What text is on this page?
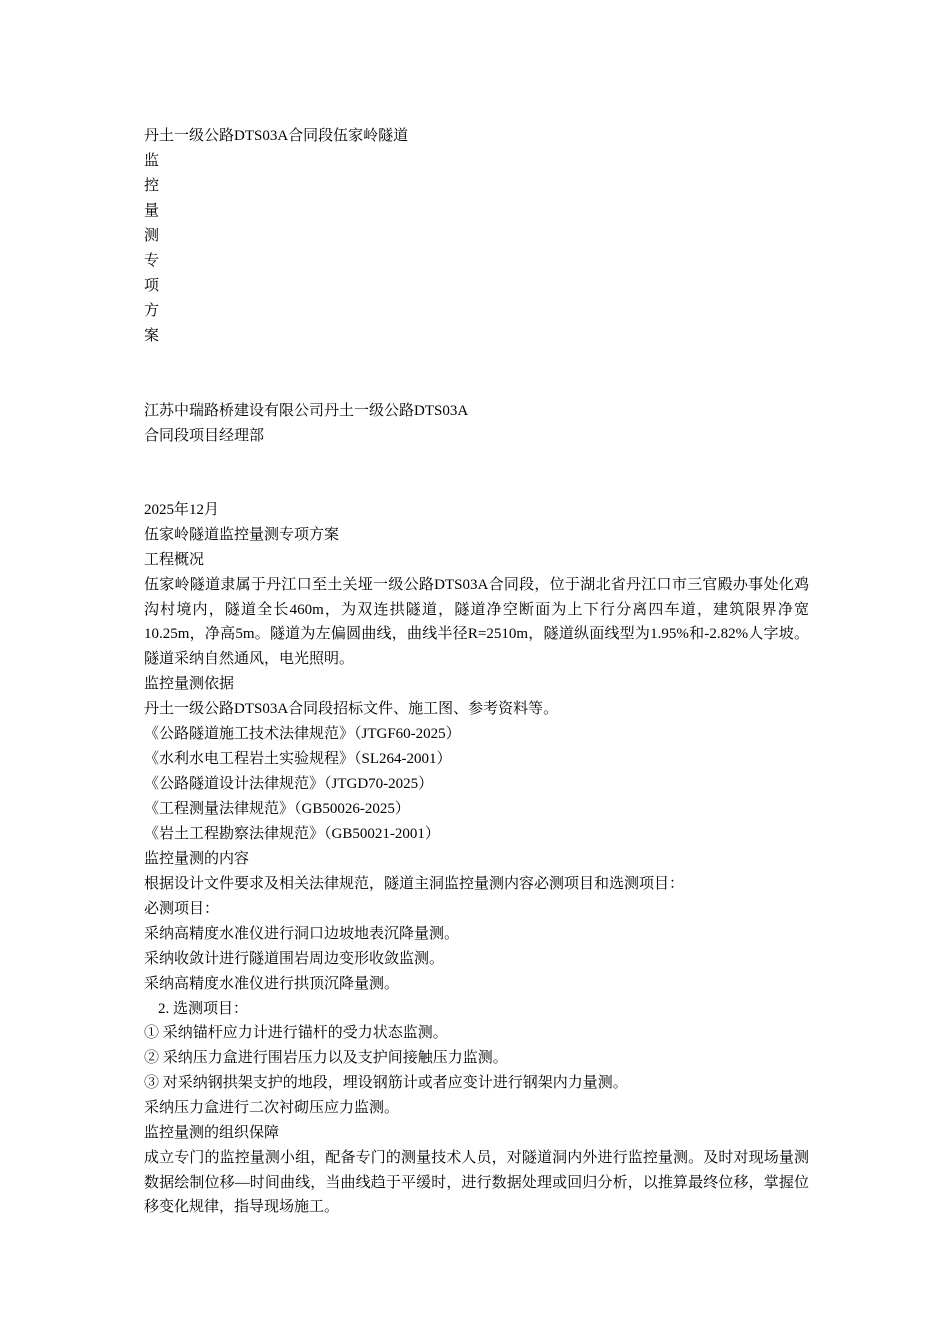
丹土一级公路DTS03A合同段伍家岭隧道
监
控
量
测
专
项
方
案
江苏中瑞路桥建设有限公司丹土一级公路DTS03A
合同段项目经理部
2025年12月
伍家岭隧道监控量测专项方案
工程概况
伍家岭隧道隶属于丹江口至土关垭一级公路DTS03A合同段，位于湖北省丹江口市三官殿办事处化鸡沟村境内，隧道全长460m，为双连拱隧道，隧道净空断面为上下行分离四车道，建筑限界净宽10.25m，净高5m。隧道为左偏圆曲线，曲线半径R=2510m，隧道纵面线型为1.95%和-2.82%人字坡。隧道采纳自然通风，电光照明。
监控量测依据
丹土一级公路DTS03A合同段招标文件、施工图、参考资料等。
《公路隧道施工技术法律规范》（JTGF60-2025）
《水利水电工程岩土实验规程》（SL264-2001）
《公路隧道设计法律规范》（JTGD70-2025）
《工程测量法律规范》（GB50026-2025）
《岩土工程勘察法律规范》（GB50021-2001）
监控量测的内容
根据设计文件要求及相关法律规范，隧道主洞监控量测内容必测项目和选测项目：
必测项目：
采纳高精度水准仪进行洞口边坡地表沉降量测。
采纳收敛计进行隧道围岩周边变形收敛监测。
采纳高精度水准仪进行拱顶沉降量测。
2. 选测项目：
① 采纳锚杆应力计进行锚杆的受力状态监测。
② 采纳压力盒进行围岩压力以及支护间接触压力监测。
③ 对采纳钢拱架支护的地段，埋设钢筋计或者应变计进行钢架内力量测。
采纳压力盒进行二次衬砌压应力监测。
监控量测的组织保障
成立专门的监控量测小组，配备专门的测量技术人员，对隧道洞内外进行监控量测。及时对现场量测数据绘制位移—时间曲线，当曲线趋于平缓时，进行数据处理或回归分析，以推算最终位移，掌握位移变化规律，指导现场施工。
